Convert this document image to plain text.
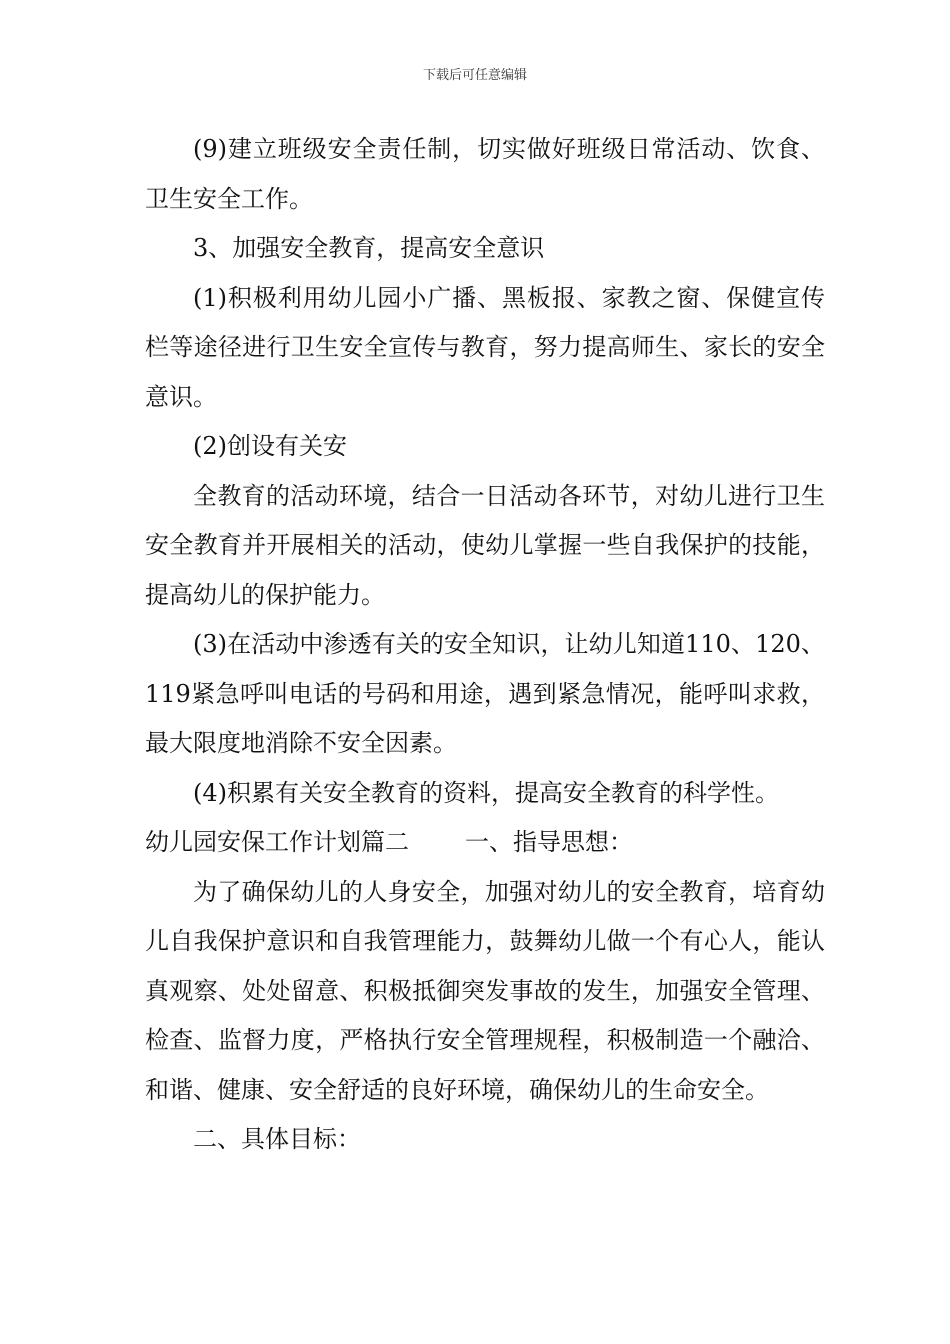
下载后可任意编辑

(9)建立班级安全责任制，切实做好班级日常活动、饮食、卫生安全工作。

3、加强安全教育，提高安全意识

(1)积极利用幼儿园小广播、黑板报、家教之窗、保健宣传栏等途径进行卫生安全宣传与教育，努力提高师生、家长的安全意识。

(2)创设有关安

全教育的活动环境，结合一日活动各环节，对幼儿进行卫生安全教育并开展相关的活动，使幼儿掌握一些自我保护的技能，提高幼儿的保护能力。

(3)在活动中渗透有关的安全知识，让幼儿知道110、120、119紧急呼叫电话的号码和用途，遇到紧急情况，能呼叫求救，最大限度地消除不安全因素。

(4)积累有关安全教育的资料，提高安全教育的科学性。

幼儿园安保工作计划篇二 一、指导思想：

为了确保幼儿的人身安全，加强对幼儿的安全教育，培育幼儿自我保护意识和自我管理能力，鼓舞幼儿做一个有心人，能认真观察、处处留意、积极抵御突发事故的发生，加强安全管理、检查、监督力度，严格执行安全管理规程，积极制造一个融洽、和谐、健康、安全舒适的良好环境，确保幼儿的生命安全。

二、具体目标：
